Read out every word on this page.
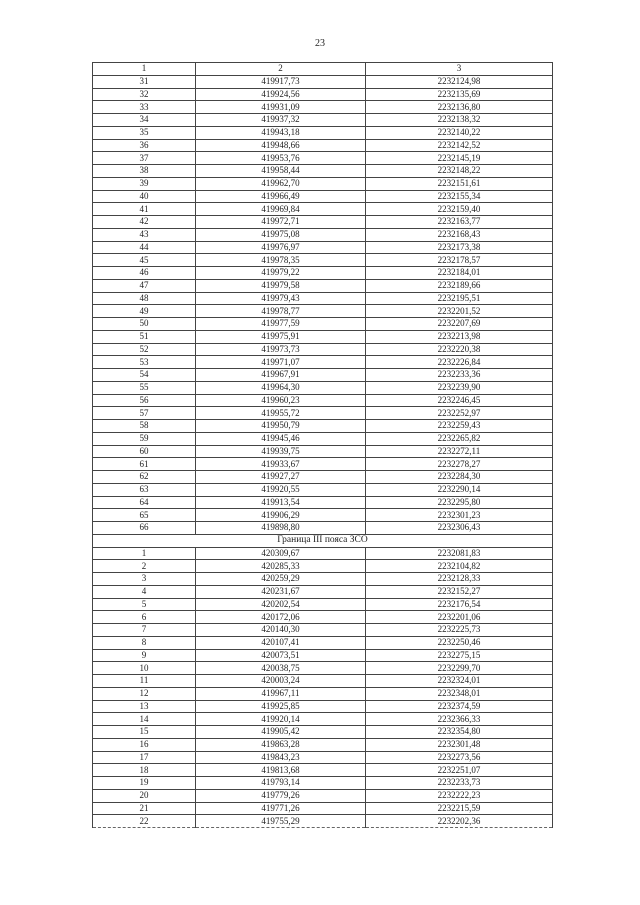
23
1	2	3
31	419917,73	2232124,98
32	419924,56	2232135,69
33	419931,09	2232136,80
34	419937,32	2232138,32
35	419943,18	2232140,22
36	419948,66	2232142,52
37	419953,76	2232145,19
38	419958,44	2232148,22
39	419962,70	2232151,61
40	419966,49	2232155,34
41	419969,84	2232159,40
42	419972,71	2232163,77
43	419975,08	2232168,43
44	419976,97	2232173,38
45	419978,35	2232178,57
46	419979,22	2232184,01
47	419979,58	2232189,66
48	419979,43	2232195,51
49	419978,77	2232201,52
50	419977,59	2232207,69
51	419975,91	2232213,98
52	419973,73	2232220,38
53	419971,07	2232226,84
54	419967,91	2232233,36
55	419964,30	2232239,90
56	419960,23	2232246,45
57	419955,72	2232252,97
58	419950,79	2232259,43
59	419945,46	2232265,82
60	419939,75	2232272,11
61	419933,67	2232278,27
62	419927,27	2232284,30
63	419920,55	2232290,14
64	419913,54	2232295,80
65	419906,29	2232301,23
66	419898,80	2232306,43
Граница III пояса ЗСО		
1	420309,67	2232081,83
2	420285,33	2232104,82
3	420259,29	2232128,33
4	420231,67	2232152,27
5	420202,54	2232176,54
6	420172,06	2232201,06
7	420140,30	2232225,73
8	420107,41	2232250,46
9	420073,51	2232275,15
10	420038,75	2232299,70
11	420003,24	2232324,01
12	419967,11	2232348,01
13	419925,85	2232374,59
14	419920,14	2232366,33
15	419905,42	2232354,80
16	419863,28	2232301,48
17	419843,23	2232273,56
18	419813,68	2232251,07
19	419793,14	2232233,73
20	419779,26	2232222,23
21	419771,26	2232215,59
22	419755,29	2232202,36
